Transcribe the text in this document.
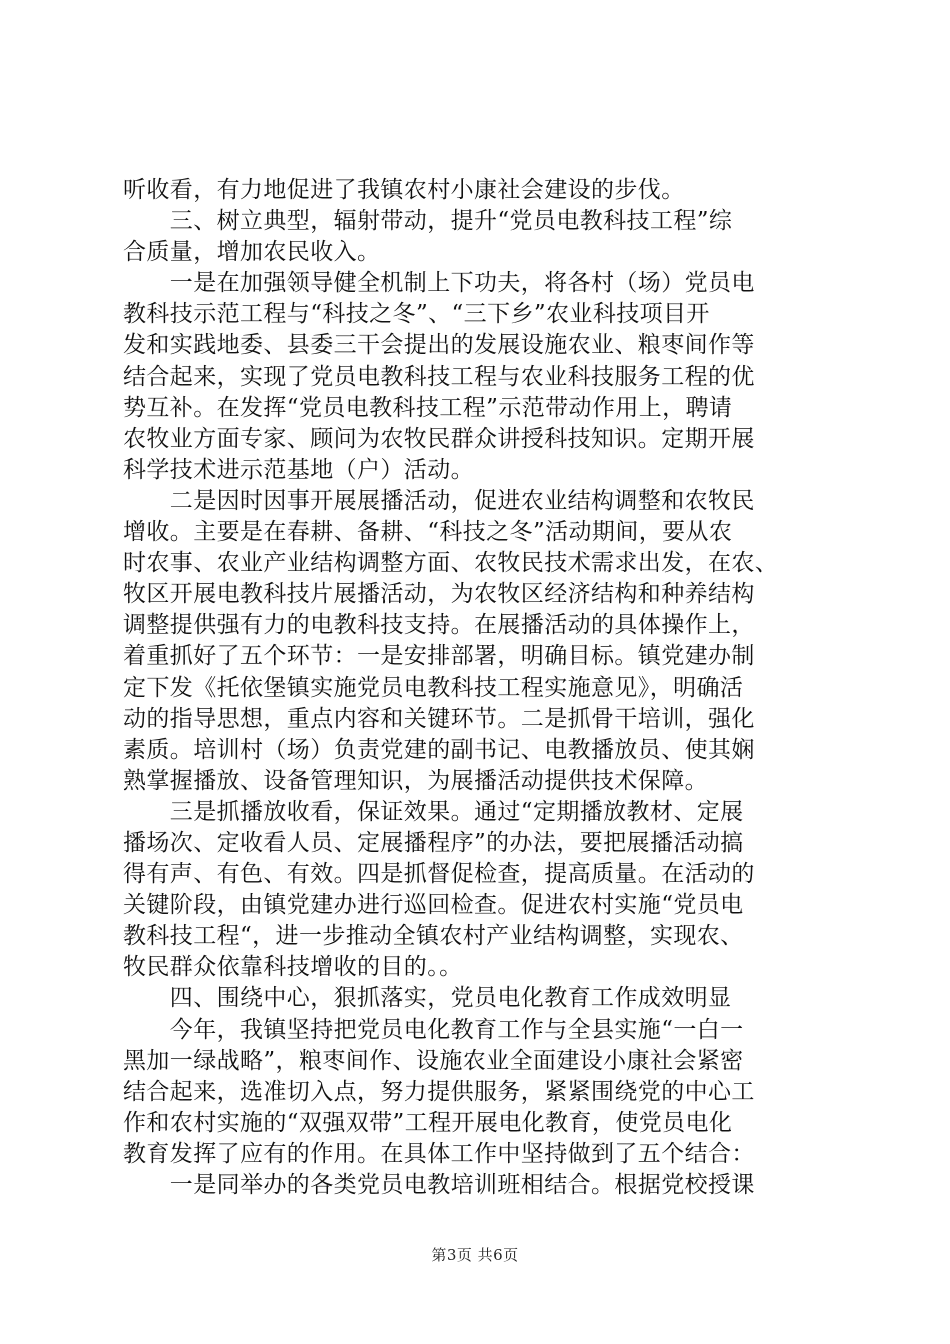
听收看，有力地促进了我镇农村小康社会建设的步伐。
　　三、树立典型，辐射带动，提升“党员电教科技工程”综
合质量，增加农民收入。
　　一是在加强领导健全机制上下功夫，将各村（场）党员电
教科技示范工程与“科技之冬”、“三下乡”农业科技项目开
发和实践地委、县委三干会提出的发展设施农业、粮枣间作等
结合起来，实现了党员电教科技工程与农业科技服务工程的优
势互补。在发挥“党员电教科技工程”示范带动作用上，聘请
农牧业方面专家、顾问为农牧民群众讲授科技知识。定期开展
科学技术进示范基地（户）活动。
　　二是因时因事开展展播活动，促进农业结构调整和农牧民
增收。主要是在春耕、备耕、“科技之冬”活动期间，要从农
时农事、农业产业结构调整方面、农牧民技术需求出发，在农、
牧区开展电教科技片展播活动，为农牧区经济结构和种养结构
调整提供强有力的电教科技支持。在展播活动的具体操作上，
着重抓好了五个环节：一是安排部署，明确目标。镇党建办制
定下发《托依堡镇实施党员电教科技工程实施意见》，明确活
动的指导思想，重点内容和关键环节。二是抓骨干培训，强化
素质。培训村（场）负责党建的副书记、电教播放员、使其娴
熟掌握播放、设备管理知识，为展播活动提供技术保障。
　　三是抓播放收看，保证效果。通过“定期播放教材、定展
播场次、定收看人员、定展播程序”的办法，要把展播活动搞
得有声、有色、有效。四是抓督促检查，提高质量。在活动的
关键阶段，由镇党建办进行巡回检查。促进农村实施“党员电
教科技工程“，进一步推动全镇农村产业结构调整，实现农、
牧民群众依靠科技增收的目的。。
　　四、围绕中心，狠抓落实，党员电化教育工作成效明显
　　今年，我镇坚持把党员电化教育工作与全县实施“一白一
黑加一绿战略”，粮枣间作、设施农业全面建设小康社会紧密
结合起来，选准切入点，努力提供服务，紧紧围绕党的中心工
作和农村实施的“双强双带”工程开展电化教育，使党员电化
教育发挥了应有的作用。在具体工作中坚持做到了五个结合：
　　一是同举办的各类党员电教培训班相结合。根据党校授课
第3页 共6页
